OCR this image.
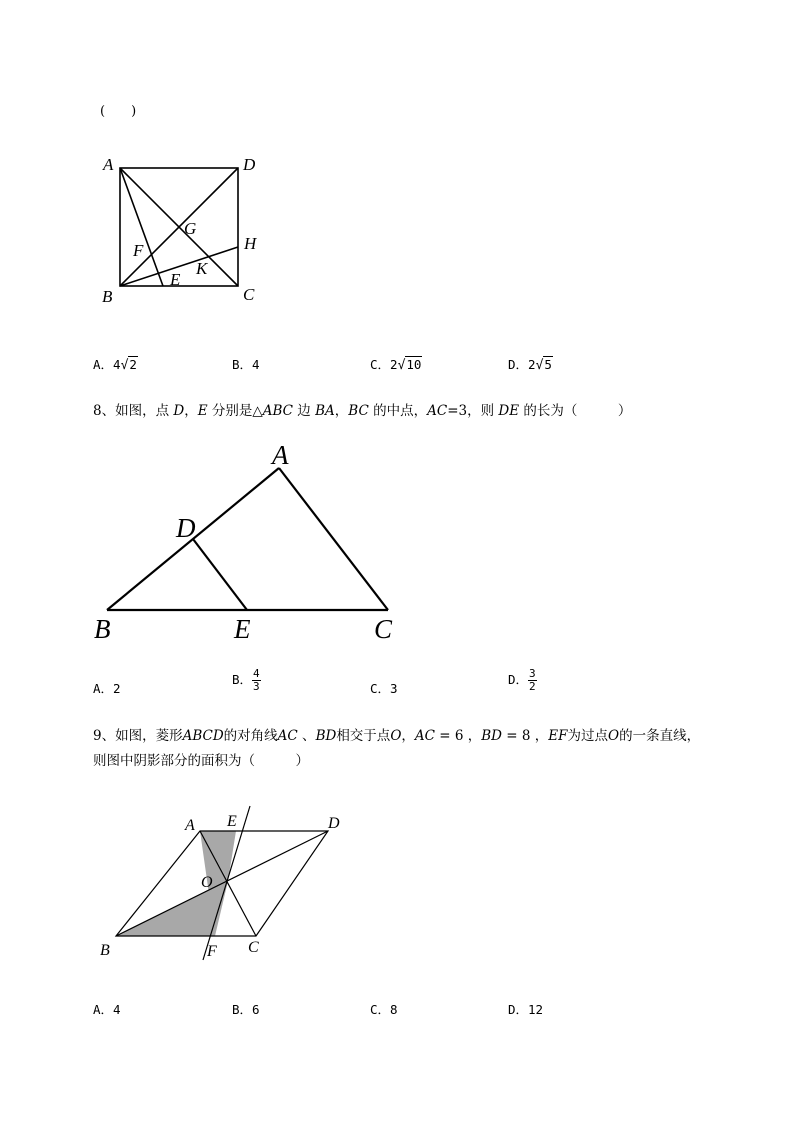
(　　)
A	D
B	C
G
F
E
K
H
A．4√2	B．4	C．2√10	D．2√5
8、如图，点 D，E 分别是△ABC 边 BA，BC 的中点，AC=3，则 DE 的长为（　　　）
A
D
B	E	C
A．2
B． $\frac{4}{3}$	C．3
D． $\frac{3}{2}$
9、如图，菱形ABCD的对角线AC 、BD相交于点O，AC = 6 ，BD = 8 ，EF为过点O的一条直线，
则图中阴影部分的面积为（　　　）
A E	D
O
B	F C
A．4	B．6	C．8	D．12
